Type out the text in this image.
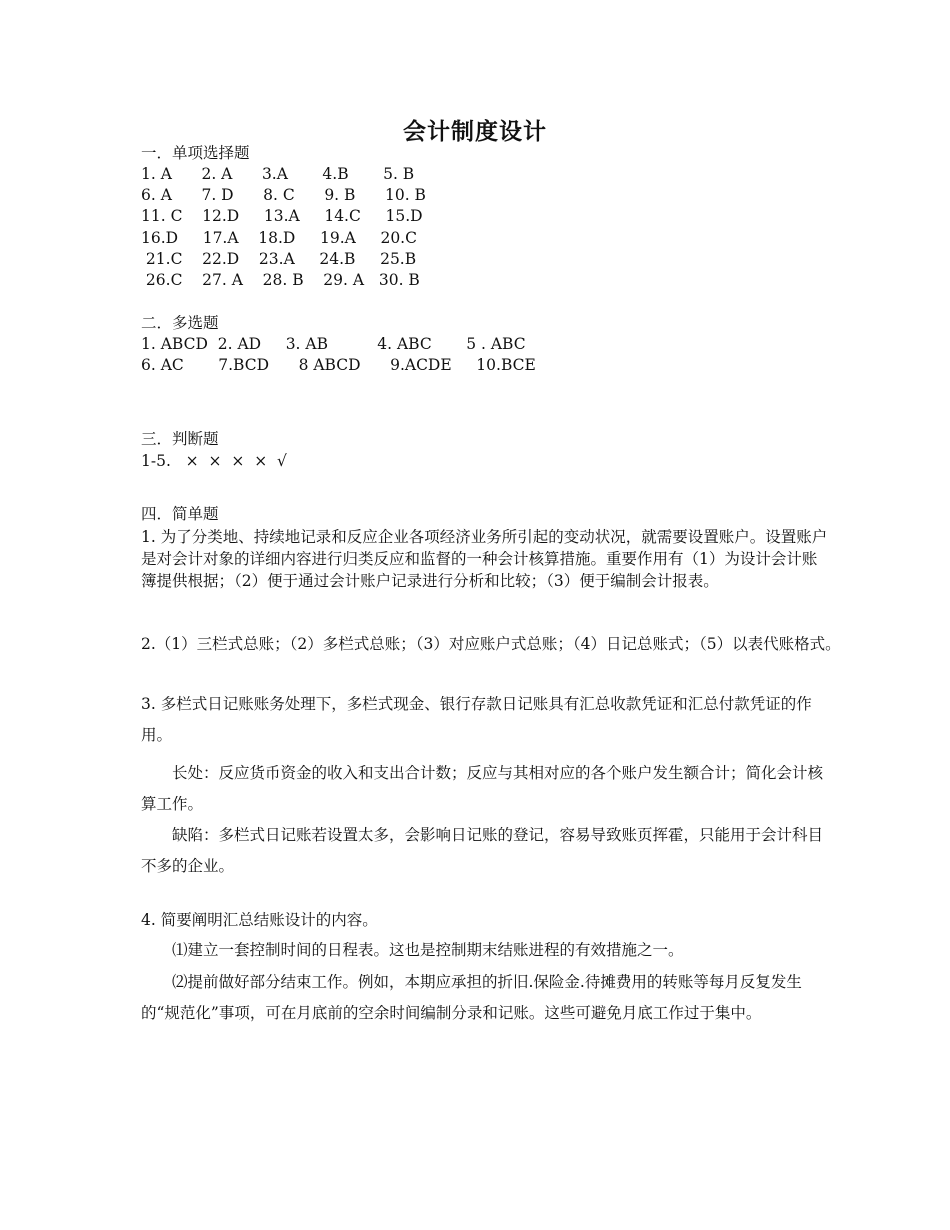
会计制度设计
一．单项选择题
1. A      2. A      3.A       4.B       5. B
6. A      7. D      8. C      9. B      10. B
11. C    12.D     13.A     14.C     15.D
16.D     17.A    18.D     19.A     20.C
21.C    22.D    23.A     24.B     25.B
26.C    27. A    28. B    29. A   30. B
二．多选题
1. ABCD  2. AD     3. AB          4. ABC       5 . ABC
6. AC       7.BCD      8 ABCD      9.ACDE     10.BCE
三．判断题
1-5.   ×  ×  ×  ×  √
四．简单题
1. 为了分类地、持续地记录和反应企业各项经济业务所引起的变动状况，就需要设置账户。设置账户是对会计对象的详细内容进行归类反应和监督的一种会计核算措施。重要作用有（1）为设计会计账簿提供根据；（2）便于通过会计账户记录进行分析和比较；（3）便于编制会计报表。
2.（1）三栏式总账；（2）多栏式总账；（3）对应账户式总账；（4）日记总账式；（5）以表代账格式。
3. 多栏式日记账账务处理下，多栏式现金、银行存款日记账具有汇总收款凭证和汇总付款凭证的作用。
长处：反应货币资金的收入和支出合计数；反应与其相对应的各个账户发生额合计；简化会计核算工作。
缺陷：多栏式日记账若设置太多，会影响日记账的登记，容易导致账页挥霍，只能用于会计科目不多的企业。
4. 简要阐明汇总结账设计的内容。
⑴建立一套控制时间的日程表。这也是控制期末结账进程的有效措施之一。
⑵提前做好部分结束工作。例如，本期应承担的折旧.保险金.待摊费用的转账等每月反复发生的“规范化”事项，可在月底前的空余时间编制分录和记账。这些可避免月底工作过于集中。
